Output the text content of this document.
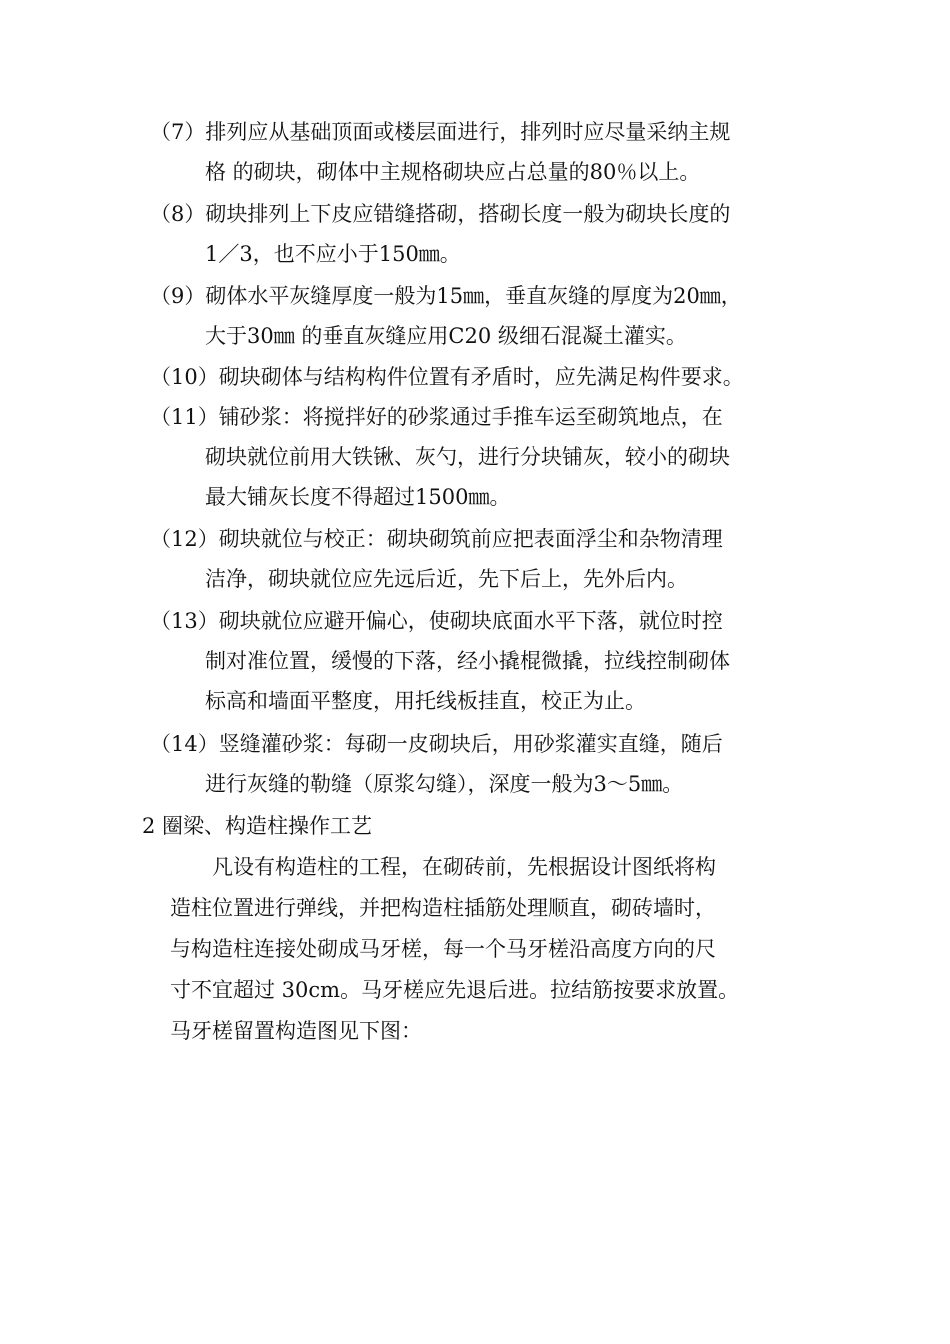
（7）排列应从基础顶面或楼层面进行，排列时应尽量采纳主规
格 的砌块，砌体中主规格砌块应占总量的80％以上。
（8）砌块排列上下皮应错缝搭砌，搭砌长度一般为砌块长度的
1／3，也不应小于150㎜。
（9）砌体水平灰缝厚度一般为15㎜，垂直灰缝的厚度为20㎜，
大于30㎜ 的垂直灰缝应用C20 级细石混凝土灌实。
（10）砌块砌体与结构构件位置有矛盾时，应先满足构件要求。
（11）铺砂浆：将搅拌好的砂浆通过手推车运至砌筑地点，在
砌块就位前用大铁锹、灰勺，进行分块铺灰，较小的砌块
最大铺灰长度不得超过1500㎜。
（12）砌块就位与校正：砌块砌筑前应把表面浮尘和杂物清理
洁净，砌块就位应先远后近，先下后上，先外后内。
（13）砌块就位应避开偏心，使砌块底面水平下落，就位时控
制对准位置，缓慢的下落，经小撬棍微撬，拉线控制砌体
标高和墙面平整度，用托线板挂直，校正为止。
（14）竖缝灌砂浆：每砌一皮砌块后，用砂浆灌实直缝，随后
进行灰缝的勒缝（原浆勾缝），深度一般为3～5㎜。
2 圈梁、构造柱操作工艺
凡设有构造柱的工程，在砌砖前，先根据设计图纸将构
造柱位置进行弹线，并把构造柱插筋处理顺直，砌砖墙时，
与构造柱连接处砌成马牙槎，每一个马牙槎沿高度方向的尺
寸不宜超过 30cm。马牙槎应先退后进。拉结筋按要求放置。
马牙槎留置构造图见下图：
